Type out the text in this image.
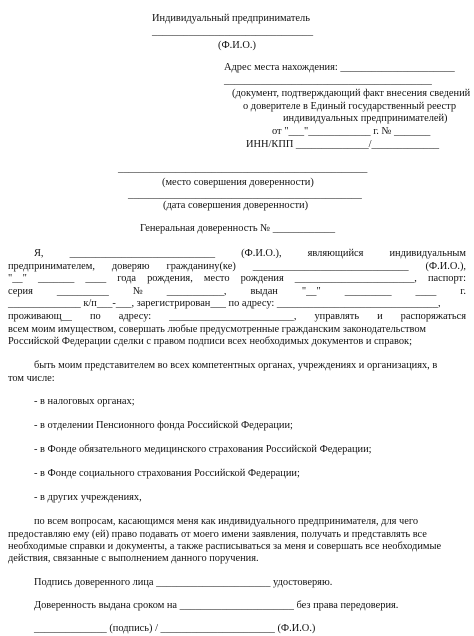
Индивидуальный предприниматель
_______________________________
(Ф.И.О.)
Адрес места нахождения: ______________________
________________________________________
(документ, подтверждающий факт внесения сведений
о доверителе в Единый государственный реестр
индивидуальных предпринимателей)
от "___"____________ г. № _______
ИНН/КПП ______________/_____________
________________________________________________
(место совершения доверенности)
_____________________________________________
(дата совершения доверенности)
Генеральная доверенность № ____________
Я,	____________________________	(Ф.И.О.),	являющийся	индивидуальным
предпринимателем, доверяю гражданину(ке) ______________________________ (Ф.И.О.),
"__" _______ ____ года рождения, место рождения _______________________, паспорт:
серия __________ № ___________, выдан "__" _________ ____ г.
______________ к/п___-___, зарегистрирован___ по адресу: _______________________________,
проживающ__ по адресу: ________________________, управлять и распоряжаться
всем моим имуществом, совершать любые предусмотренные гражданским законодательством
Российской Федерации сделки с правом подписи всех необходимых документов и справок;
быть моим представителем во всех компетентных органах, учреждениях и организациях, в
том числе:
- в налоговых органах;
- в отделении Пенсионного фонда Российской Федерации;
- в Фонде обязательного медицинского страхования Российской Федерации;
- в Фонде социального страхования Российской Федерации;
- в других учреждениях,
по всем вопросам, касающимся меня как индивидуального предпринимателя, для чего
предоставляю ему (ей) право подавать от моего имени заявления, получать и представлять все
необходимые справки и документы, а также расписываться за меня и совершать все необходимые
действия, связанные с выполнением данного поручения.
Подпись доверенного лица ______________________ удостоверяю.
Доверенность выдана сроком на ______________________ без права передоверия.
______________ (подпись) / ______________________ (Ф.И.О.)
